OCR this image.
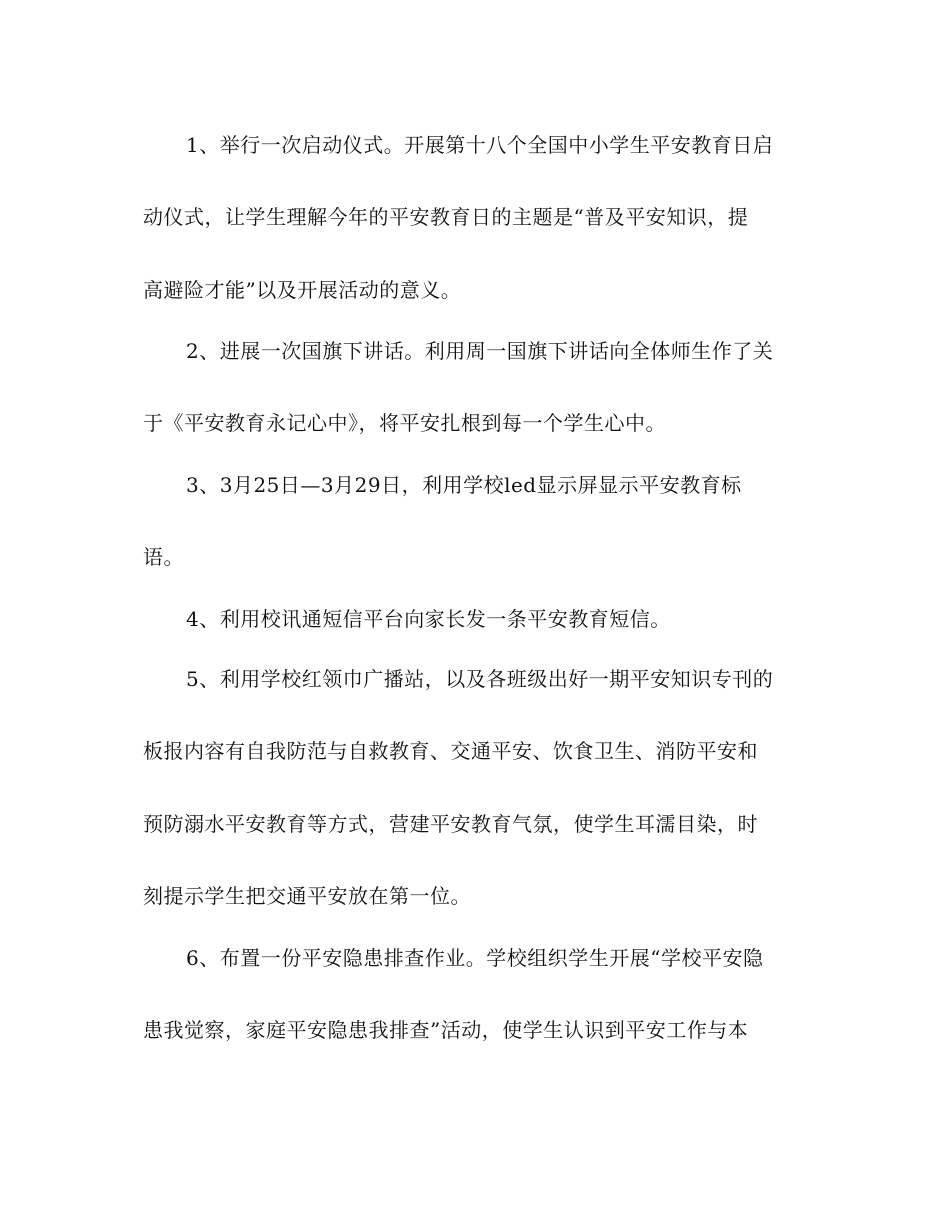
1、举行一次启动仪式。开展第十八个全国中小学生平安教育日启
动仪式，让学生理解今年的平安教育日的主题是“普及平安知识，提
高避险才能”以及开展活动的意义。
2、进展一次国旗下讲话。利用周一国旗下讲话向全体师生作了关
于《平安教育永记心中》，将平安扎根到每一个学生心中。
3、3月25日—3月29日，利用学校led显示屏显示平安教育标
语。
4、利用校讯通短信平台向家长发一条平安教育短信。
5、利用学校红领巾广播站，以及各班级出好一期平安知识专刊的
板报内容有自我防范与自救教育、交通平安、饮食卫生、消防平安和
预防溺水平安教育等方式，营建平安教育气氛，使学生耳濡目染，时
刻提示学生把交通平安放在第一位。
6、布置一份平安隐患排查作业。学校组织学生开展“学校平安隐
患我觉察，家庭平安隐患我排查”活动，使学生认识到平安工作与本
